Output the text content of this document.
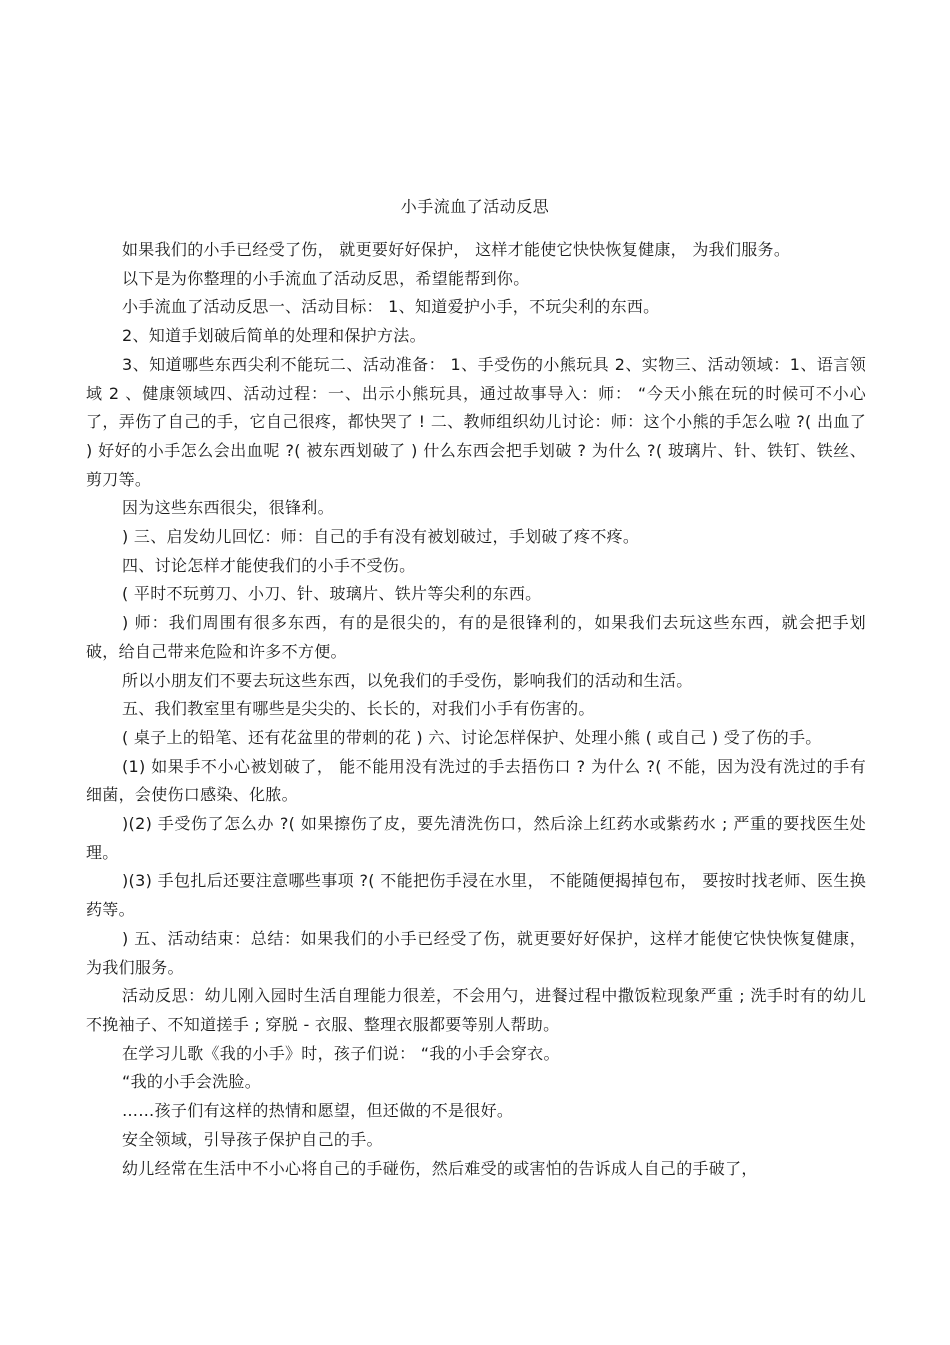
小手流血了活动反思

如果我们的小手已经受了伤， 就更要好好保护， 这样才能使它快快恢复健康， 为我们服务。

以下是为你整理的小手流血了活动反思，希望能帮到你。

小手流血了活动反思一、活动目标： 1、知道爱护小手，不玩尖利的东西。

2、知道手划破后简单的处理和保护方法。

3、知道哪些东西尖利不能玩二、活动准备： 1、手受伤的小熊玩具 2、实物三、活动领域：1、语言领域 2 、健康领域四、活动过程：一、出示小熊玩具，通过故事导入：师： “今天小熊在玩的时候可不小心了，弄伤了自己的手，它自己很疼，都快哭了 ! 二、教师组织幼儿讨论：师：这个小熊的手怎么啦 ?( 出血了 ) 好好的小手怎么会出血呢 ?( 被东西划破了 ) 什么东西会把手划破 ? 为什么 ?( 玻璃片、针、铁钉、铁丝、剪刀等。

因为这些东西很尖，很锋利。

) 三、启发幼儿回忆：师：自己的手有没有被划破过，手划破了疼不疼。

四、讨论怎样才能使我们的小手不受伤。

( 平时不玩剪刀、小刀、针、玻璃片、铁片等尖利的东西。

) 师：我们周围有很多东西，有的是很尖的，有的是很锋利的，如果我们去玩这些东西，就会把手划破，给自己带来危险和许多不方便。

所以小朋友们不要去玩这些东西，以免我们的手受伤，影响我们的活动和生活。

五、我们教室里有哪些是尖尖的、长长的，对我们小手有伤害的。

( 桌子上的铅笔、还有花盆里的带刺的花 ) 六、讨论怎样保护、处理小熊 ( 或自己 ) 受了伤的手。

(1) 如果手不小心被划破了， 能不能用没有洗过的手去捂伤口 ? 为什么 ?( 不能，因为没有洗过的手有细菌，会使伤口感染、化脓。

)(2) 手受伤了怎么办 ?( 如果擦伤了皮，要先清洗伤口，然后涂上红药水或紫药水 ; 严重的要找医生处理。

)(3) 手包扎后还要注意哪些事项 ?( 不能把伤手浸在水里， 不能随便揭掉包布， 要按时找老师、医生换药等。

) 五、活动结束：总结：如果我们的小手已经受了伤，就更要好好保护，这样才能使它快快恢复健康，为我们服务。

活动反思：幼儿刚入园时生活自理能力很差，不会用勺，进餐过程中撒饭粒现象严重 ; 洗手时有的幼儿不挽袖子、不知道搓手 ; 穿脱 - 衣服、整理衣服都要等别人帮助。

在学习儿歌《我的小手》时，孩子们说： “我的小手会穿衣。

“我的小手会洗脸。

……孩子们有这样的热情和愿望，但还做的不是很好。

安全领域，引导孩子保护自己的手。

幼儿经常在生活中不小心将自己的手碰伤，然后难受的或害怕的告诉成人自己的手破了，
